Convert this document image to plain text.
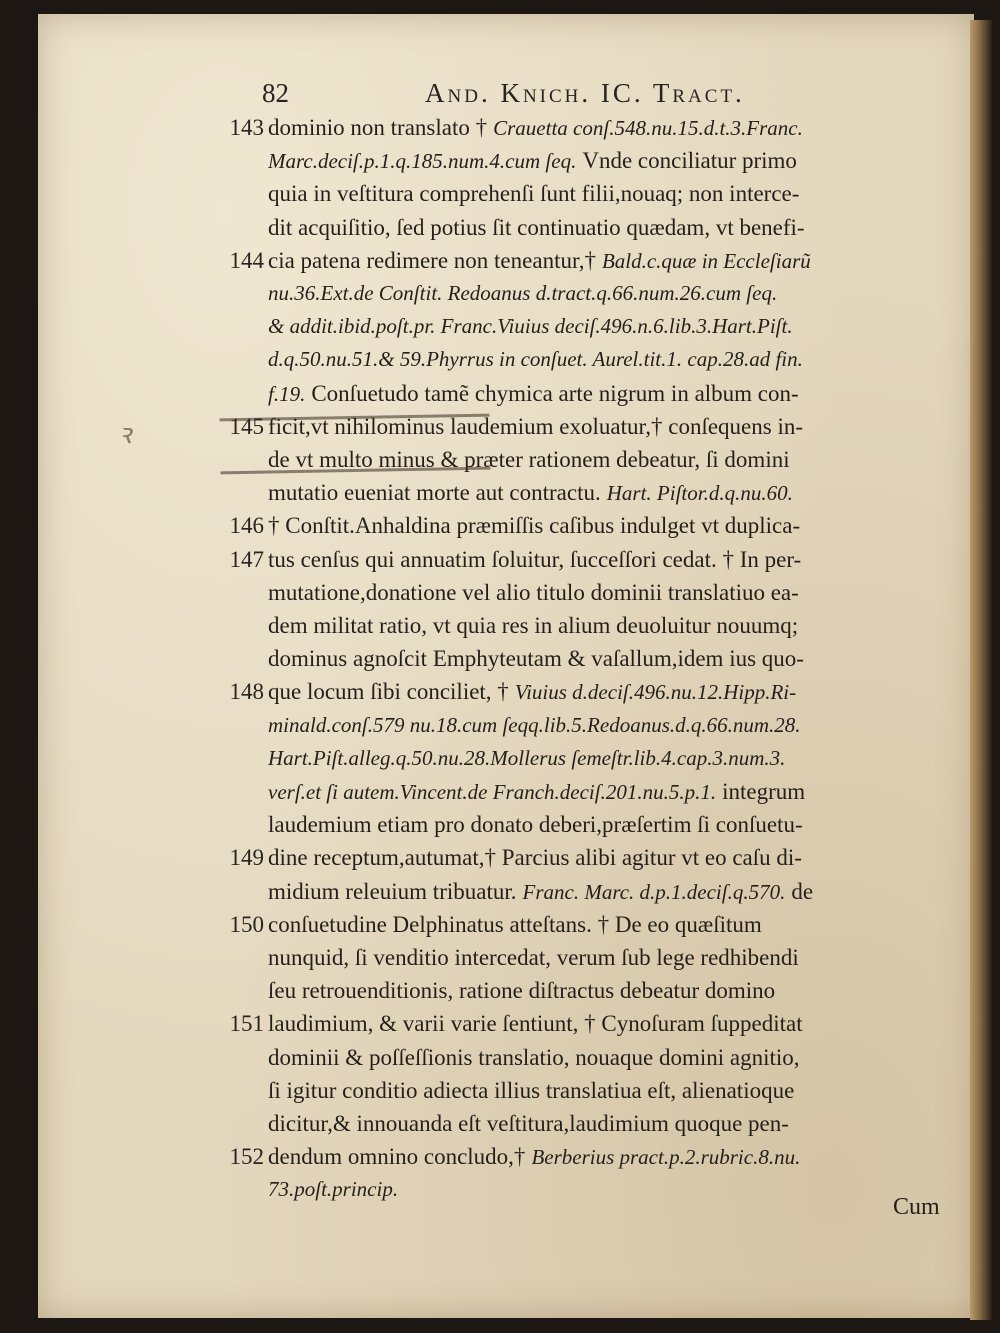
82	And. Knich. IC. Tract.
dominio non translato † Crauetta conſ.548.nu.15.d.t.3.Franc.
Marc.deciſ.p.1.q.185.num.4.cum ſeq. Vnde conciliatur primo
quia in veſtitura comprehenſi ſunt filii,nouaq; non interce-
dit acquiſitio, ſed potius ſit continuatio quædam, vt benefi-
cia patena redimere non teneantur,† Bald.c.quæ in Eccleſiarũ
nu.36.Ext.de Conſtit. Redoanus d.tract.q.66.num.26.cum ſeq.
& addit.ibid.poſt.pr. Franc.Viuius deciſ.496.n.6.lib.3.Hart.Piſt.
d.q.50.nu.51.& 59.Phyrrus in conſuet. Aurel.tit.1. cap.28.ad fin.
f.19. Conſuetudo tamẽ chymica arte nigrum in album con-
ficit,vt nihilominus laudemium exoluatur,† conſequens in-
de vt multo minus & præter rationem debeatur, ſi domini
mutatio eueniat morte aut contractu. Hart. Piſtor.d.q.nu.60.
† Conſtit.Anhaldina præmiſſis caſibus indulget vt duplica-
tus cenſus qui annuatim ſoluitur, ſucceſſori cedat. † In per-
mutatione,donatione vel alio titulo dominii translatiuo ea-
dem militat ratio, vt quia res in alium deuoluitur nouumq;
dominus agnoſcit Emphyteutam & vaſallum,idem ius quo-
que locum ſibi conciliet, † Viuius d.deciſ.496.nu.12.Hipp.Ri-
minald.conſ.579 nu.18.cum ſeqq.lib.5.Redoanus.d.q.66.num.28.
Hart.Piſt.alleg.q.50.nu.28.Mollerus ſemeſtr.lib.4.cap.3.num.3.
verſ.et ſi autem.Vincent.de Franch.deciſ.201.nu.5.p.1. integrum
laudemium etiam pro donato deberi,præſertim ſi conſuetu-
dine receptum,autumat,† Parcius alibi agitur vt eo caſu di-
midium releuium tribuatur. Franc. Marc. d.p.1.deciſ.q.570. de
conſuetudine Delphinatus atteſtans. † De eo quæſitum
nunquid, ſi venditio intercedat, verum ſub lege redhibendi
ſeu retrouenditionis, ratione diſtractus debeatur domino
laudimium, & varii varie ſentiunt, † Cynoſuram ſuppeditat
dominii & poſſeſſionis translatio, nouaque domini agnitio,
ſi igitur conditio adiecta illius translatiua eſt, alienatioque
dicitur,& innouanda eſt veſtitura,laudimium quoque pen-
dendum omnino concludo,† Berberius pract.p.2.rubric.8.nu.
73.poſt.princip.
143
144
145
146
147
148
149
150
151
152
ꝛ
Cum
